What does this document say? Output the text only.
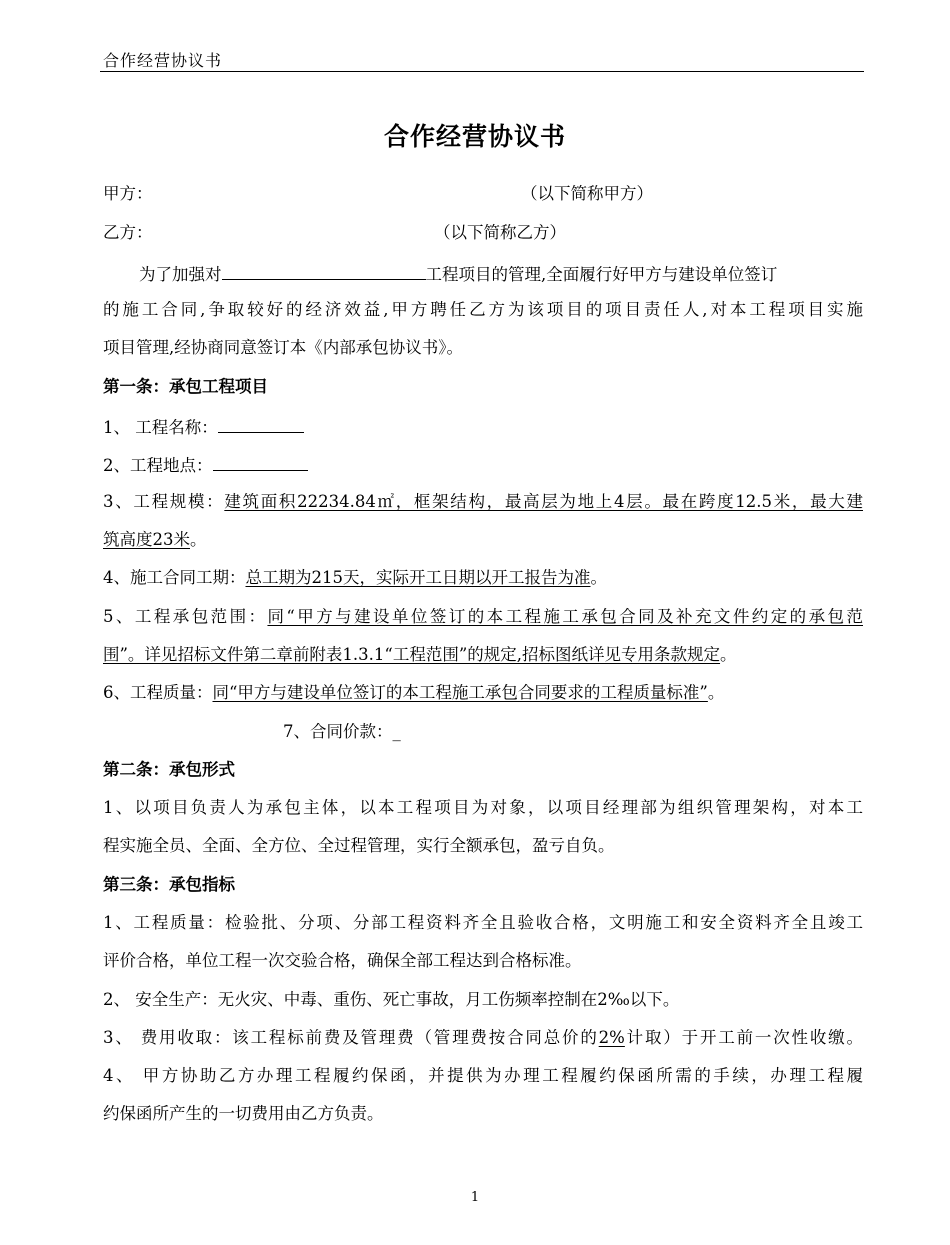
合作经营协议书
合作经营协议书
甲方：	（以下简称甲方）
乙方：	（以下简称乙方）
为了加强对	工程项目的管理,全面履行好甲方与建设单位签订
的施工合同,争取较好的经济效益,甲方聘任乙方为该项目的项目责任人,对本工程项目实施
项目管理,经协商同意签订本《内部承包协议书》。
第一条：承包工程项目
1、 工程名称：
2、工程地点：
3、工程规模：建筑面积22234.84㎡，框架结构，最高层为地上4层。最在跨度12.5米，最大建
筑高度23米。
4、施工合同工期：总工期为215天，实际开工日期以开工报告为准。
5、工程承包范围：同“甲方与建设单位签订的本工程施工承包合同及补充文件约定的承包范
围”。详见招标文件第二章前附表1.3.1“工程范围”的规定,招标图纸详见专用条款规定。
6、工程质量：同“甲方与建设单位签订的本工程施工承包合同要求的工程质量标准”。
7、合同价款：_
第二条：承包形式
1、以项目负责人为承包主体，以本工程项目为对象，以项目经理部为组织管理架构，对本工
程实施全员、全面、全方位、全过程管理，实行全额承包，盈亏自负。
第三条：承包指标
1、工程质量：检验批、分项、分部工程资料齐全且验收合格，文明施工和安全资料齐全且竣工
评价合格，单位工程一次交验合格，确保全部工程达到合格标准。
2、 安全生产：无火灾、中毒、重伤、死亡事故，月工伤频率控制在2‰以下。
3、 费用收取：该工程标前费及管理费（管理费按合同总价的2%计取）于开工前一次性收缴。
4、 甲方协助乙方办理工程履约保函，并提供为办理工程履约保函所需的手续，办理工程履
约保函所产生的一切费用由乙方负责。
1
